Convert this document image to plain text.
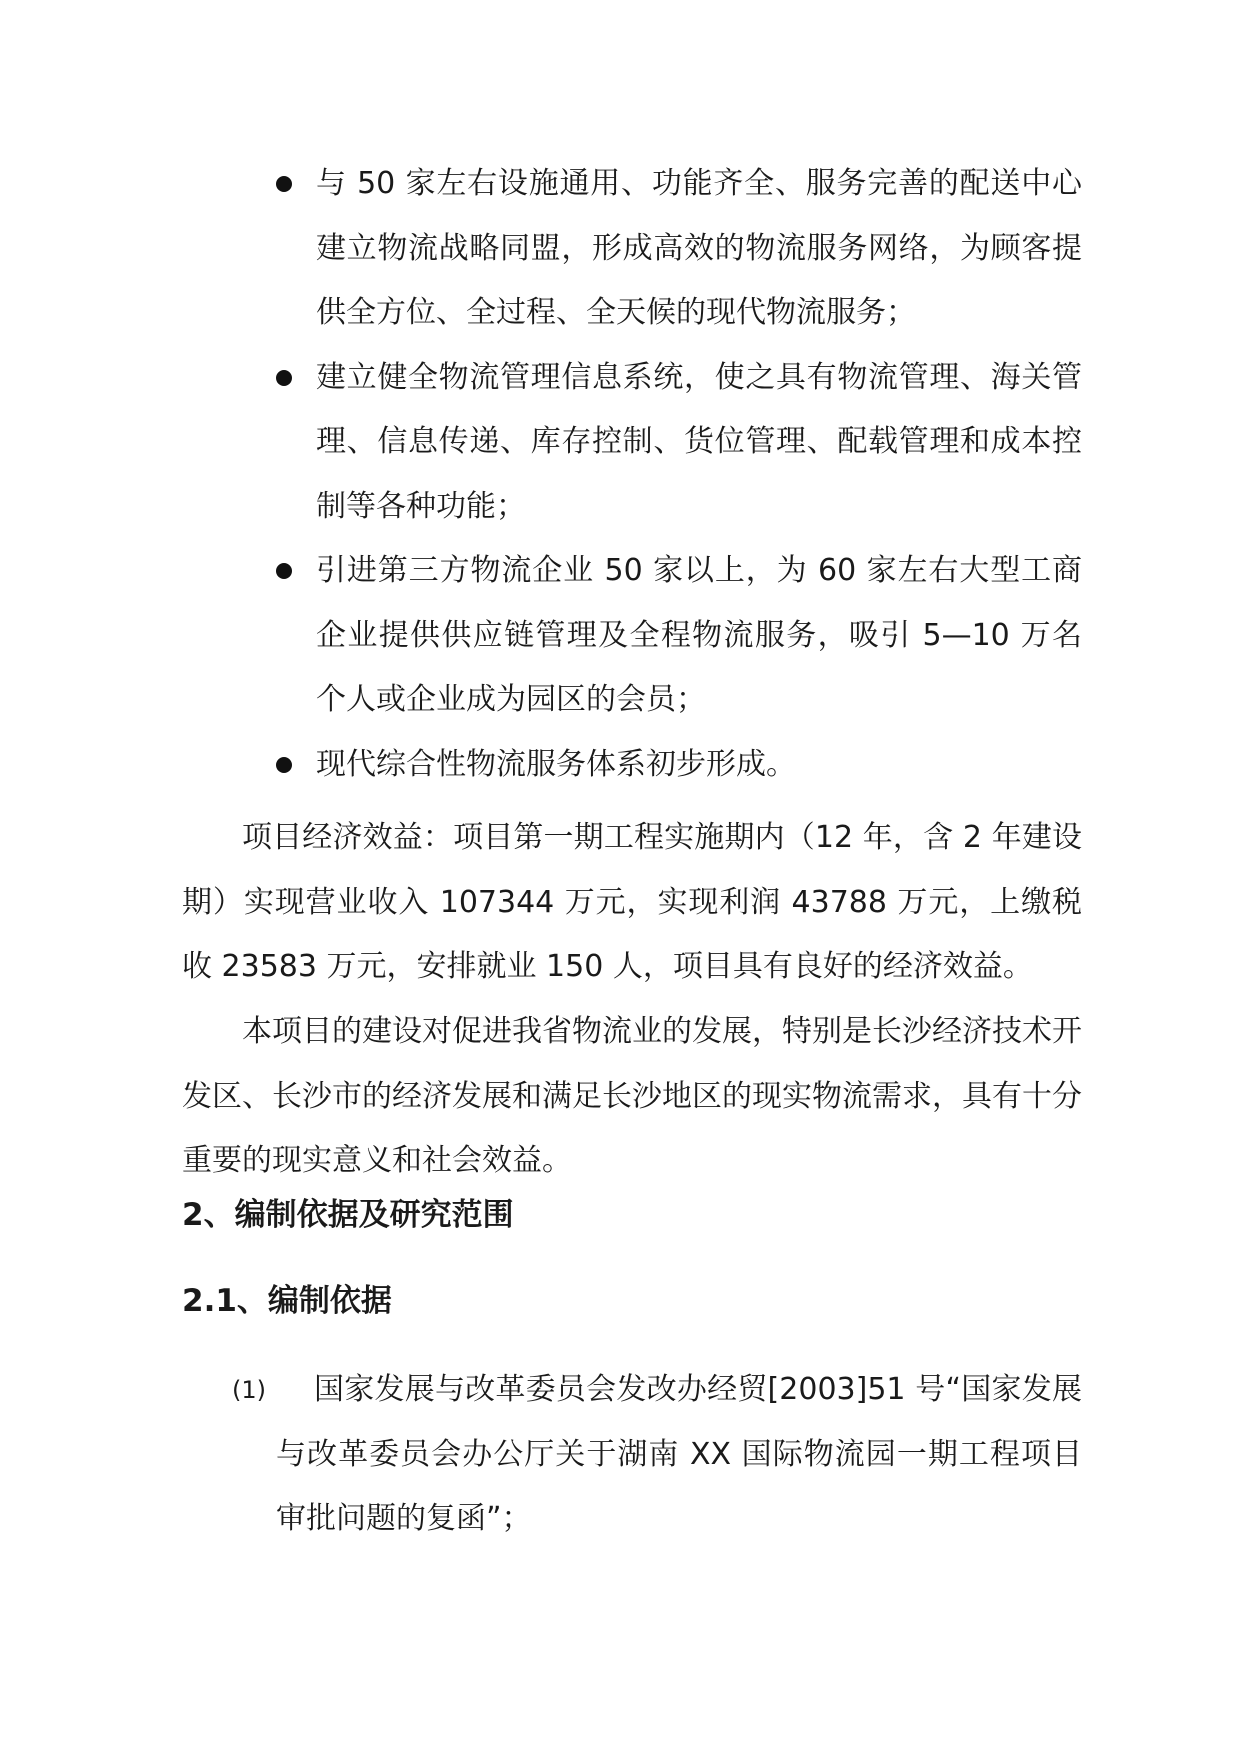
与 50 家左右设施通用、功能齐全、服务完善的配送中心建立物流战略同盟，形成高效的物流服务网络，为顾客提供全方位、全过程、全天候的现代物流服务；
建立健全物流管理信息系统，使之具有物流管理、海关管理、信息传递、库存控制、货位管理、配载管理和成本控制等各种功能；
引进第三方物流企业 50 家以上，为 60 家左右大型工商企业提供供应链管理及全程物流服务，吸引 5—10 万名个人或企业成为园区的会员；
现代综合性物流服务体系初步形成。

项目经济效益：项目第一期工程实施期内（12 年，含 2 年建设期）实现营业收入 107344 万元，实现利润 43788 万元，上缴税收 23583 万元，安排就业 150 人，项目具有良好的经济效益。

本项目的建设对促进我省物流业的发展，特别是长沙经济技术开发区、长沙市的经济发展和满足长沙地区的现实物流需求，具有十分重要的现实意义和社会效益。

2、编制依据及研究范围
2.1、编制依据
(1)	国家发展与改革委员会发改办经贸[2003]51 号“国家发展与改革委员会办公厅关于湖南 XX 国际物流园一期工程项目审批问题的复函”；
